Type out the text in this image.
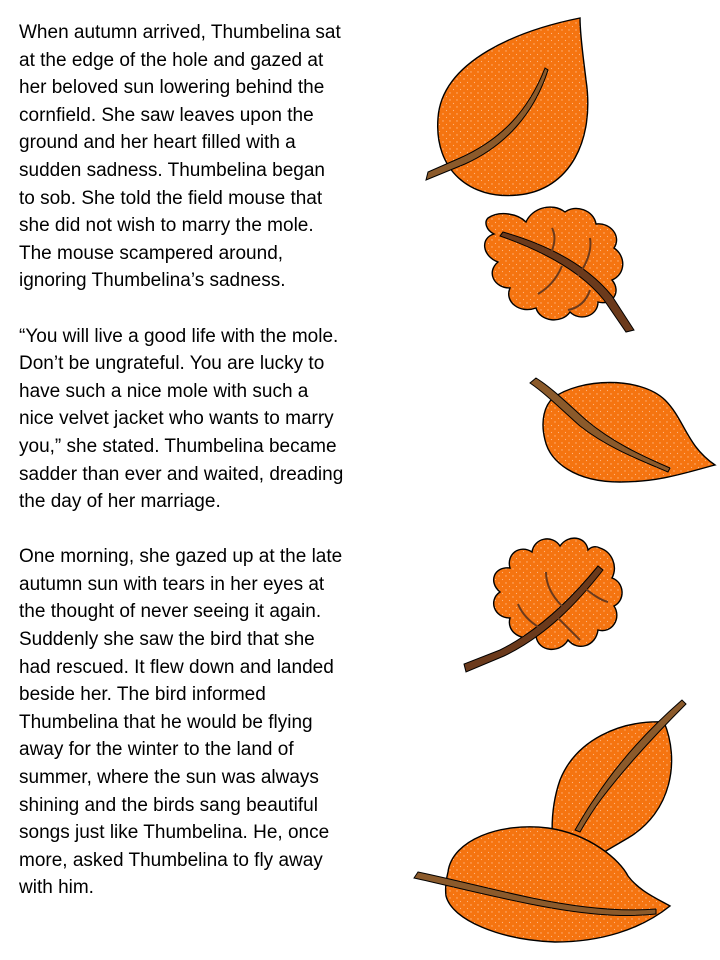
When autumn arrived, Thumbelina sat
at the edge of the hole and gazed at
her beloved sun lowering behind the
cornfield. She saw leaves upon the
ground and her heart filled with a
sudden sadness. Thumbelina began
to sob. She told the field mouse that
she did not wish to marry the mole.
The mouse scampered around,
ignoring Thumbelina’s sadness.

“You will live a good life with the mole.
Don’t be ungrateful. You are lucky to
have such a nice mole with such a
nice velvet jacket who wants to marry
you,” she stated. Thumbelina became
sadder than ever and waited, dreading
the day of her marriage.

One morning, she gazed up at the late
autumn sun with tears in her eyes at
the thought of never seeing it again.
Suddenly she saw the bird that she
had rescued. It flew down and landed
beside her. The bird informed
Thumbelina that he would be flying
away for the winter to the land of
summer, where the sun was always
shining and the birds sang beautiful
songs just like Thumbelina. He, once
more, asked Thumbelina to fly away
with him.
